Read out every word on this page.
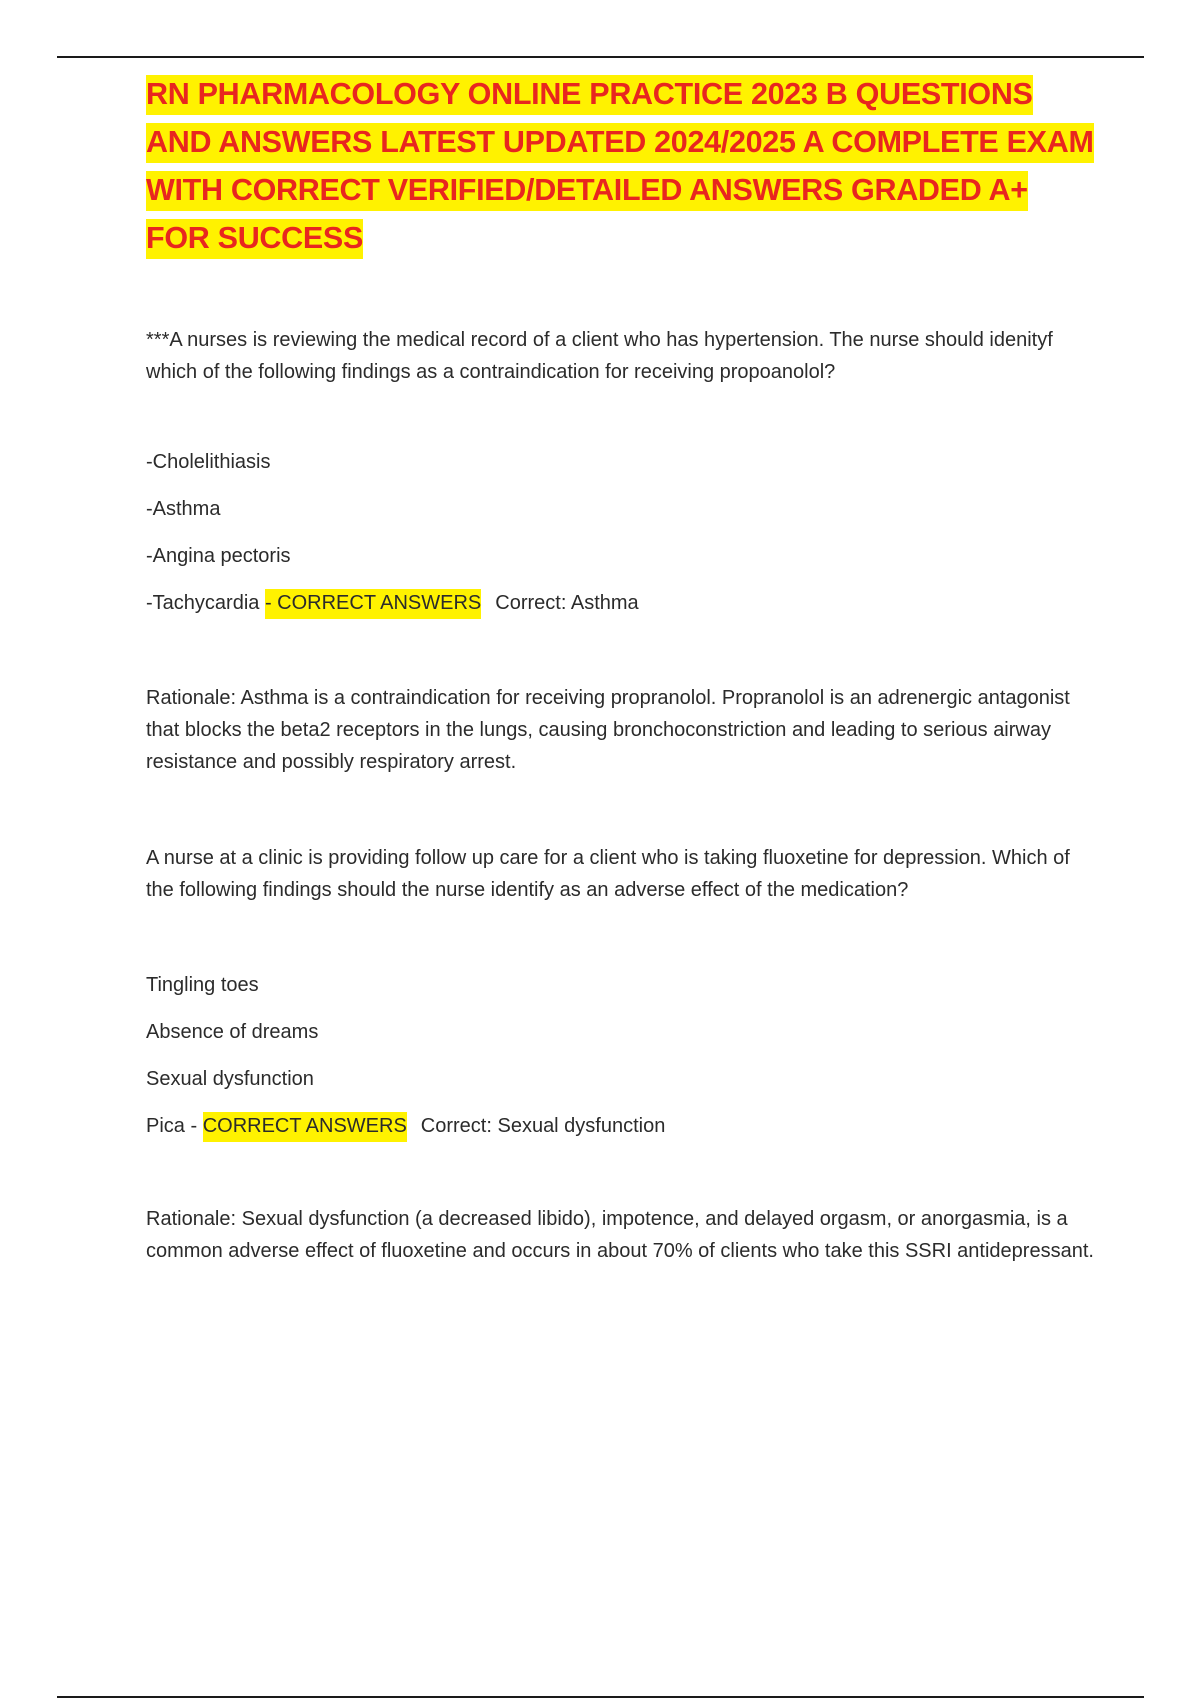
RN PHARMACOLOGY ONLINE PRACTICE 2023 B QUESTIONS AND ANSWERS LATEST UPDATED 2024/2025 A COMPLETE EXAM WITH CORRECT VERIFIED/DETAILED ANSWERS GRADED A+ FOR SUCCESS

***A nurses is reviewing the medical record of a client who has hypertension. The nurse should idenityf which of the following findings as a contraindication for receiving propoanolol?

-Cholelithiasis

-Asthma

-Angina pectoris

-Tachycardia - CORRECT ANSWERS Correct: Asthma

Rationale: Asthma is a contraindication for receiving propranolol. Propranolol is an adrenergic antagonist that blocks the beta2 receptors in the lungs, causing bronchoconstriction and leading to serious airway resistance and possibly respiratory arrest.

A nurse at a clinic is providing follow up care for a client who is taking fluoxetine for depression. Which of the following findings should the nurse identify as an adverse effect of the medication?

Tingling toes

Absence of dreams

Sexual dysfunction

Pica - CORRECT ANSWERS Correct: Sexual dysfunction

Rationale: Sexual dysfunction (a decreased libido), impotence, and delayed orgasm, or anorgasmia, is a common adverse effect of fluoxetine and occurs in about 70% of clients who take this SSRI antidepressant.
